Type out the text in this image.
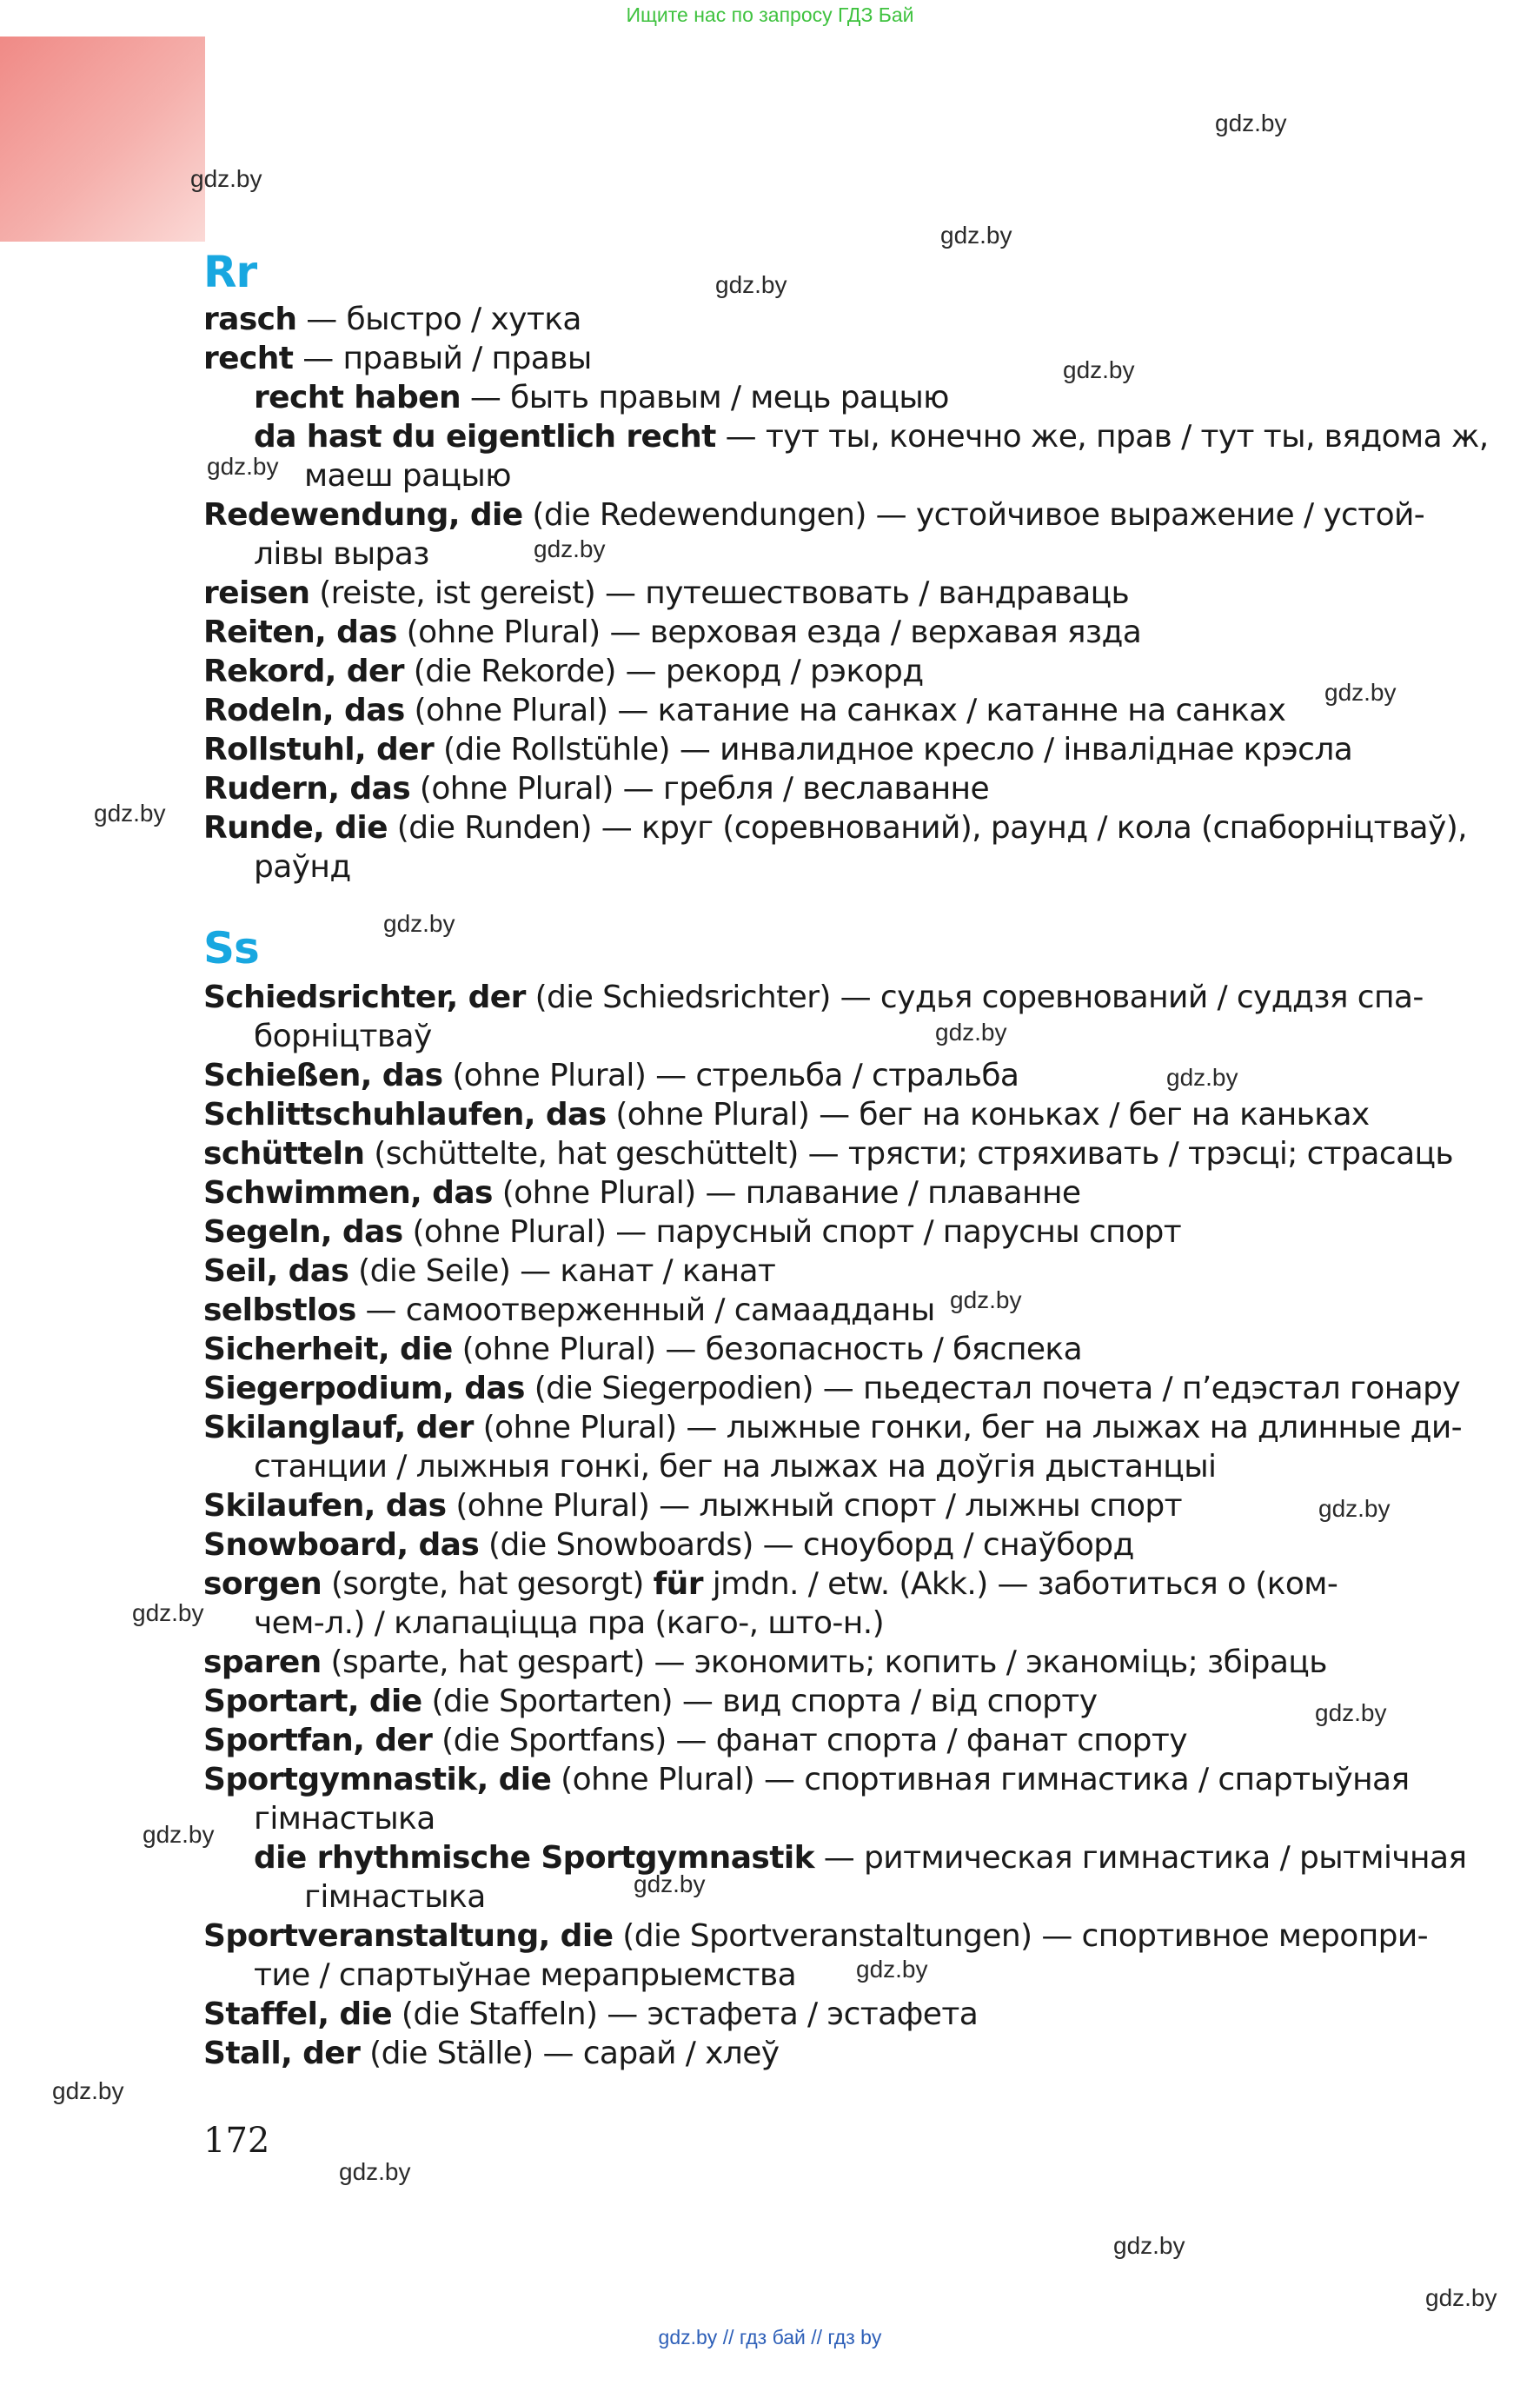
Ищите нас по запросу ГДЗ Бай
gdz.by
gdz.by
gdz.by
gdz.by
gdz.by
gdz.by
gdz.by
gdz.by
gdz.by
gdz.by
gdz.by
gdz.by
gdz.by
gdz.by
gdz.by
gdz.by
gdz.by
gdz.by
gdz.by
gdz.by
gdz.by
gdz.by
gdz.by
Rr
rasch — быстро / хутка
recht — правый / правы
recht haben — быть правым / мець рацыю
da hast du eigentlich recht — тут ты, конечно же, прав / тут ты, вядома ж,
маеш рацыю
Redewendung, die (die Redewendungen) — устойчивое выражение / устой-
лівы выраз
reisen (reiste, ist gereist) — путешествовать / вандраваць
Reiten, das (ohne Plural) — верховая езда / верхавая язда
Rekord, der (die Rekorde) — рекорд / рэкорд
Rodeln, das (ohne Plural) — катание на санках / катанне на санках
Rollstuhl, der (die Rollstühle) — инвалидное кресло / інваліднае крэсла
Rudern, das (ohne Plural) — гребля / веславанне
Runde, die (die Runden) — круг (соревнований), раунд / кола (спаборніцтваў),
раўнд
Ss
Schiedsrichter, der (die Schiedsrichter) — судья соревнований / суддзя спа-
борніцтваў
Schießen, das (ohne Plural) — стрельба / стральба
Schlittschuhlaufen, das (ohne Plural) — бег на коньках / бег на каньках
schütteln (schüttelte, hat geschüttelt) — трясти; стряхивать / трэсці; страсаць
Schwimmen, das (ohne Plural) — плавание / плаванне
Segeln, das (ohne Plural) — парусный спорт / парусны спорт
Seil, das (die Seile) — канат / канат
selbstlos — самоотверженный / самаадданы
Sicherheit, die (ohne Plural) — безопасность / бяспека
Siegerpodium, das (die Siegerpodien) — пьедестал почета / п’едэстал гонару
Skilanglauf, der (ohne Plural) — лыжные гонки, бег на лыжах на длинные ди-
станции / лыжныя гонкі, бег на лыжах на доўгія дыстанцыі
Skilaufen, das (ohne Plural) — лыжный спорт / лыжны спорт
Snowboard, das (die Snowboards) — сноуборд / снаўборд
sorgen (sorgte, hat gesorgt) für jmdn. / etw. (Akk.) — заботиться о (ком-
чем-л.) / клапаціцца пра (каго-, што-н.)
sparen (sparte, hat gespart) — экономить; копить / эканоміць; збіраць
Sportart, die (die Sportarten) — вид спорта / від спорту
Sportfan, der (die Sportfans) — фанат спорта / фанат спорту
Sportgymnastik, die (ohne Plural) — спортивная гимнастика / спартыўная
гімнастыка
die rhythmische Sportgymnastik — ритмическая гимнастика / рытмічная
гімнастыка
Sportveranstaltung, die (die Sportveranstaltungen) — спортивное меропри-
тие / спартыўнае мерапрыемства
Staffel, die (die Staffeln) — эстафета / эстафета
Stall, der (die Ställe) — сарай / хлеў
172
gdz.by // гдз бай // гдз by
